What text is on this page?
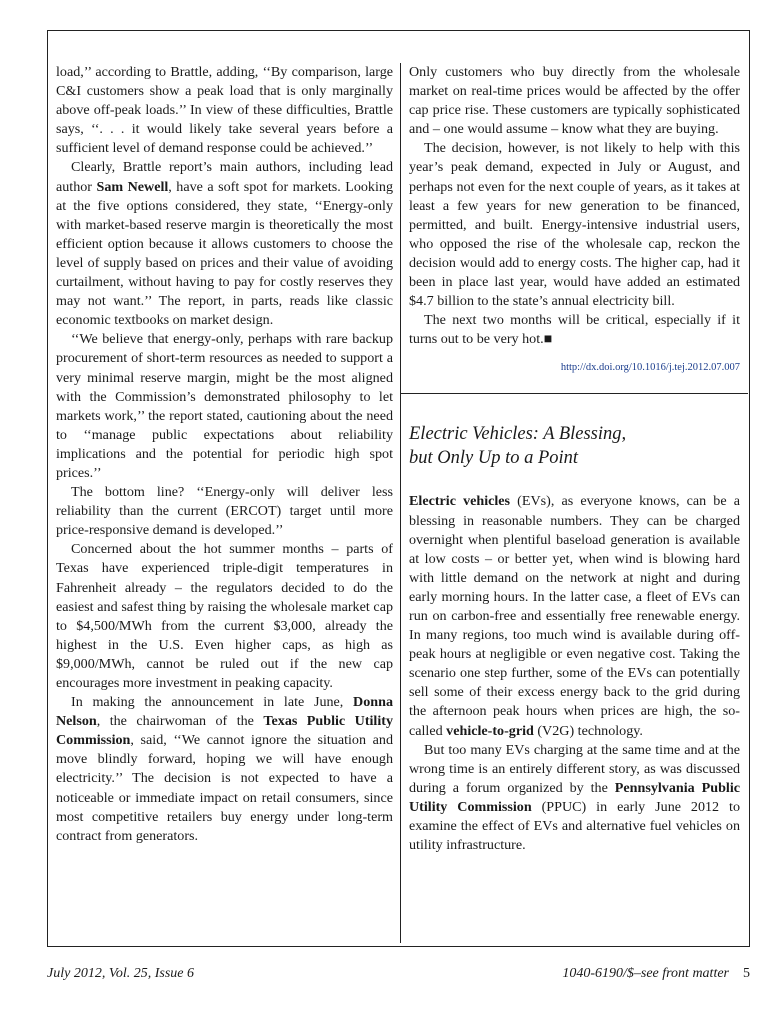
load,’’ according to Brattle, adding, ‘‘By comparison, large C&I customers show a peak load that is only marginally above off-peak loads.’’ In view of these difficulties, Brattle says, ‘‘. . . it would likely take several years before a sufficient level of demand response could be achieved.’’

Clearly, Brattle report’s main authors, including lead author Sam Newell, have a soft spot for markets. Looking at the five options considered, they state, ‘‘Energy-only with market-based reserve margin is theoretically the most efficient option because it allows customers to choose the level of supply based on prices and their value of avoiding curtailment, without having to pay for costly reserves they may not want.’’ The report, in parts, reads like classic economic textbooks on market design.

‘‘We believe that energy-only, perhaps with rare backup procurement of short-term resources as needed to support a very minimal reserve margin, might be the most aligned with the Commission’s demonstrated philosophy to let markets work,’’ the report stated, cautioning about the need to ‘‘manage public expectations about reliability implications and the potential for periodic high spot prices.’’

The bottom line? ‘‘Energy-only will deliver less reliability than the current (ERCOT) target until more price-responsive demand is developed.’’

Concerned about the hot summer months – parts of Texas have experienced triple-digit temperatures in Fahrenheit already – the regulators decided to do the easiest and safest thing by raising the wholesale market cap to $4,500/MWh from the current $3,000, already the highest in the U.S. Even higher caps, as high as $9,000/MWh, cannot be ruled out if the new cap encourages more investment in peaking capacity.

In making the announcement in late June, Donna Nelson, the chairwoman of the Texas Public Utility Commission, said, ‘‘We cannot ignore the situation and move blindly forward, hoping we will have enough electricity.’’ The decision is not expected to have a noticeable or immediate impact on retail consumers, since most competitive retailers buy energy under long-term contract from generators.

Only customers who buy directly from the wholesale market on real-time prices would be affected by the offer cap price rise. These customers are typically sophisticated and – one would assume – know what they are buying.

The decision, however, is not likely to help with this year’s peak demand, expected in July or August, and perhaps not even for the next couple of years, as it takes at least a few years for new generation to be financed, permitted, and built. Energy-intensive industrial users, who opposed the rise of the wholesale cap, reckon the decision would add to energy costs. The higher cap, had it been in place last year, would have added an estimated $4.7 billion to the state’s annual electricity bill.

The next two months will be critical, especially if it turns out to be very hot.■

http://dx.doi.org/10.1016/j.tej.2012.07.007
Electric Vehicles: A Blessing,
but Only Up to a Point

Electric vehicles (EVs), as everyone knows, can be a blessing in reasonable numbers. They can be charged overnight when plentiful baseload generation is available at low costs – or better yet, when wind is blowing hard with little demand on the network at night and during early morning hours. In the latter case, a fleet of EVs can run on carbon-free and essentially free renewable energy. In many regions, too much wind is available during off-peak hours at negligible or even negative cost. Taking the scenario one step further, some of the EVs can potentially sell some of their excess energy back to the grid during the afternoon peak hours when prices are high, the so-called vehicle-to-grid (V2G) technology.

But too many EVs charging at the same time and at the wrong time is an entirely different story, as was discussed during a forum organized by the Pennsylvania Public Utility Commission (PPUC) in early June 2012 to examine the effect of EVs and alternative fuel vehicles on utility infrastructure.

July 2012, Vol. 25, Issue 6	1040-6190/$–see front matter 5
